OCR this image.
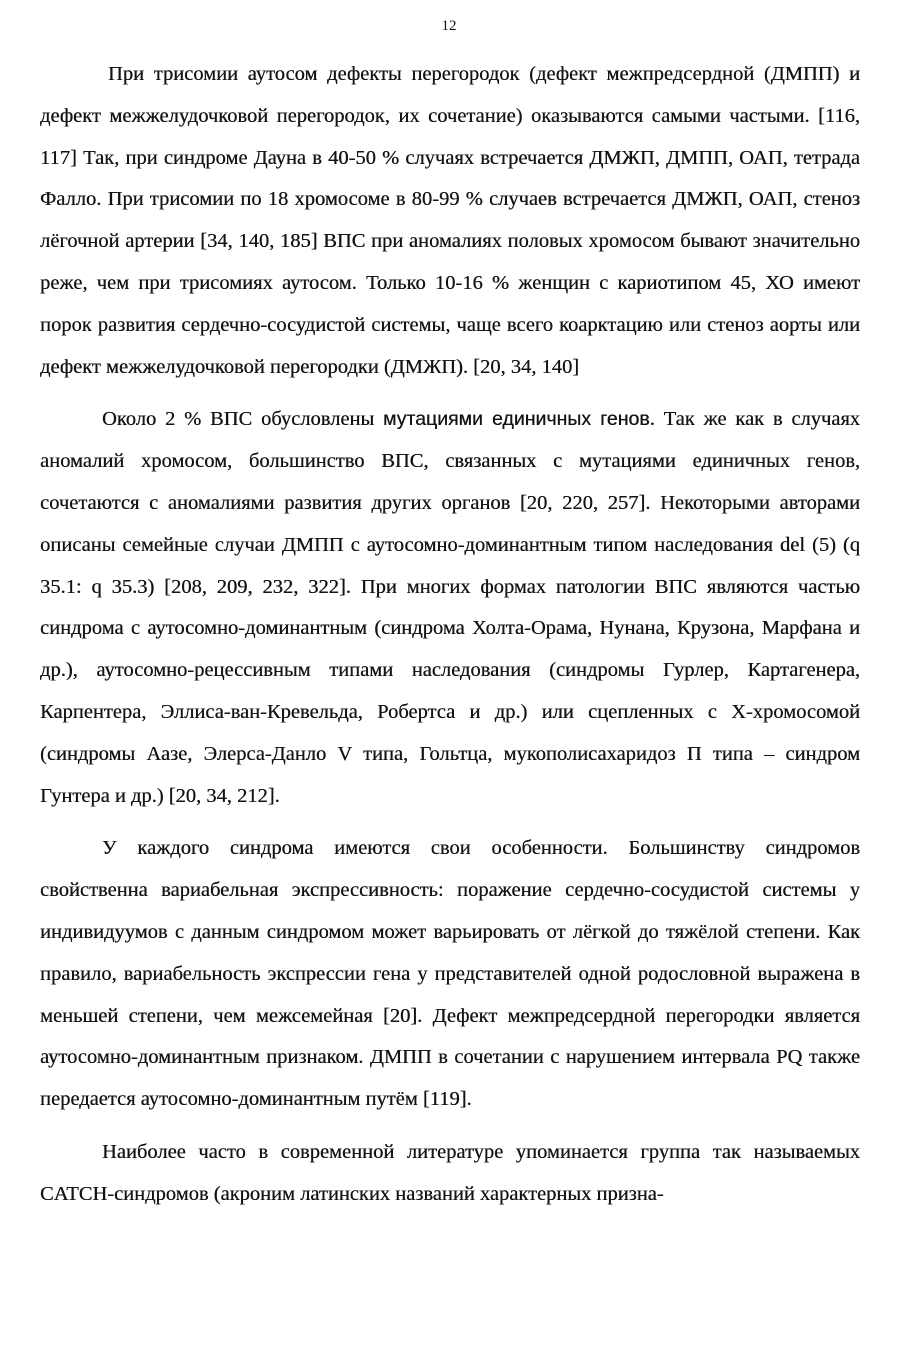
12

При трисомии аутосом дефекты перегородок (дефект межпредсердной (ДМПП) и дефект межжелудочковой перегородок, их сочетание) оказываются самыми частыми. [116, 117] Так, при синдроме Дауна в 40-50 % случаях встречается ДМЖП, ДМПП, ОАП, тетрада Фалло. При трисомии по 18 хромосоме в 80-99 % случаев встречается ДМЖП, ОАП, стеноз лёгочной артерии [34, 140, 185] ВПС при аномалиях половых хромосом бывают значительно реже, чем при трисомиях аутосом. Только 10-16 % женщин с кариотипом 45, ХО имеют порок развития сердечно-сосудистой системы, чаще всего коарктацию или стеноз аорты или дефект межжелудочковой перегородки (ДМЖП). [20, 34, 140]

Около 2 % ВПС обусловлены мутациями единичных генов. Так же как в случаях аномалий хромосом, большинство ВПС, связанных с мутациями единичных генов, сочетаются с аномалиями развития других органов [20, 220, 257]. Некоторыми авторами описаны семейные случаи ДМПП с аутосомно-доминантным типом наследования del (5) (q 35.1: q 35.3) [208, 209, 232, 322]. При многих формах патологии ВПС являются частью синдрома с аутосомно-доминантным (синдрома Холта-Орама, Нунана, Крузона, Марфана и др.), аутосомно-рецессивным типами наследования (синдромы Гурлер, Картагенера, Карпентера, Эллиса-ван-Кревельда, Робертса и др.) или сцепленных с Х-хромосомой (синдромы Аазе, Элерса-Данло V типа, Гольтца, мукополисахаридоз П типа – синдром Гунтера и др.) [20, 34, 212].

У каждого синдрома имеются свои особенности. Большинству синдромов свойственна вариабельная экспрессивность: поражение сердечно-сосудистой системы у индивидуумов с данным синдромом может варьировать от лёгкой до тяжёлой степени. Как правило, вариабельность экспрессии гена у представителей одной родословной выражена в меньшей степени, чем межсемейная [20]. Дефект межпредсердной перегородки является аутосомно-доминантным признаком. ДМПП в сочетании с нарушением интервала PQ также передается аутосомно-доминантным путём [119].

Наиболее часто в современной литературе упоминается группа так называемых CATCH-синдромов (акроним латинских названий характерных призна-
